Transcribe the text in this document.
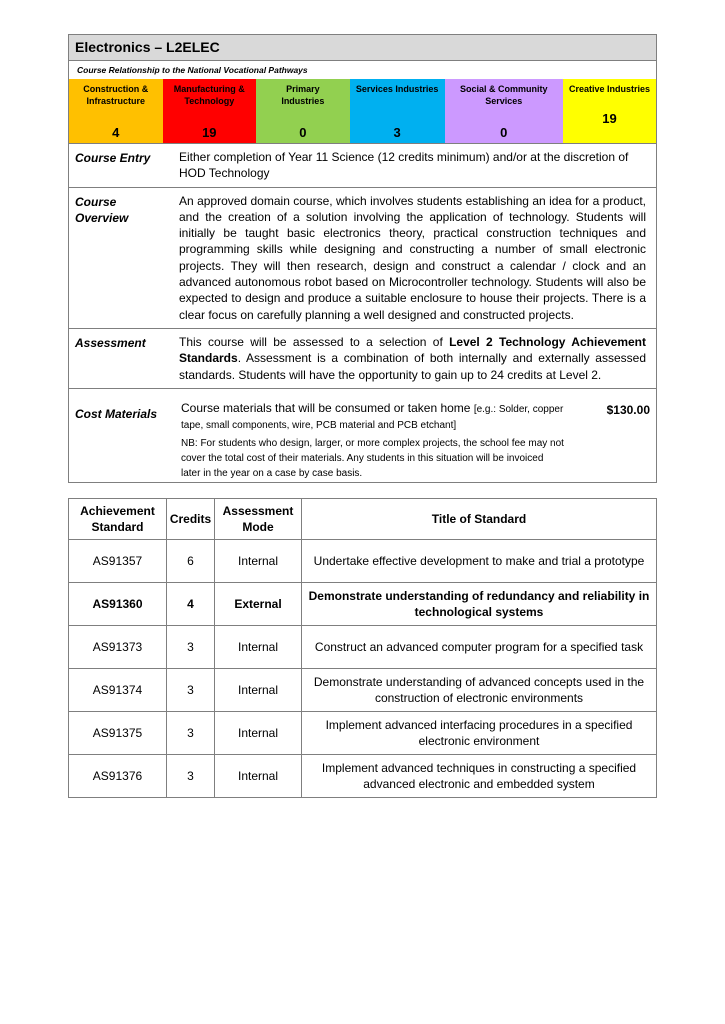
Electronics – L2ELEC
Course Relationship to the National Vocational Pathways
Construction & Infrastructure
4
Manufacturing & Technology
19
Primary Industries
0
Services Industries
3
Social & Community Services
0
Creative Industries
19
Course Entry	Either completion of Year 11 Science (12 credits minimum) and/or at the discretion of HOD Technology
Course Overview
An approved domain course, which involves students establishing an idea for a product, and the creation of a solution involving the application of technology. Students will initially be taught basic electronics theory, practical construction techniques and programming skills while designing and constructing a number of small electronic projects. They will then research, design and construct a calendar / clock and an advanced autonomous robot based on Microcontroller technology. Students will also be expected to design and produce a suitable enclosure to house their projects. There is a clear focus on carefully planning a well designed and constructed projects.
Assessment	This course will be assessed to a selection of Level 2 Technology Achievement Standards. Assessment is a combination of both internally and externally assessed standards. Students will have the opportunity to gain up to 24 credits at Level 2.
Cost Materials	Course materials that will be consumed or taken home [e.g.: Solder, copper tape, small components, wire, PCB material and PCB etchant]
NB: For students who design, larger, or more complex projects, the school fee may not cover the total cost of their materials. Any students in this situation will be invoiced later in the year on a case by case basis.
$130.00
Achievement Standard	Credits	Assessment Mode	Title of Standard
AS91357	6	Internal	Undertake effective development to make and trial a prototype
AS91360	4	External	Demonstrate understanding of redundancy and reliability in technological systems
AS91373	3	Internal	Construct an advanced computer program for a specified task
AS91374	3	Internal	Demonstrate understanding of advanced concepts used in the construction of electronic environments
AS91375	3	Internal	Implement advanced interfacing procedures in a specified electronic environment
AS91376	3	Internal	Implement advanced techniques in constructing a specified advanced electronic and embedded system
